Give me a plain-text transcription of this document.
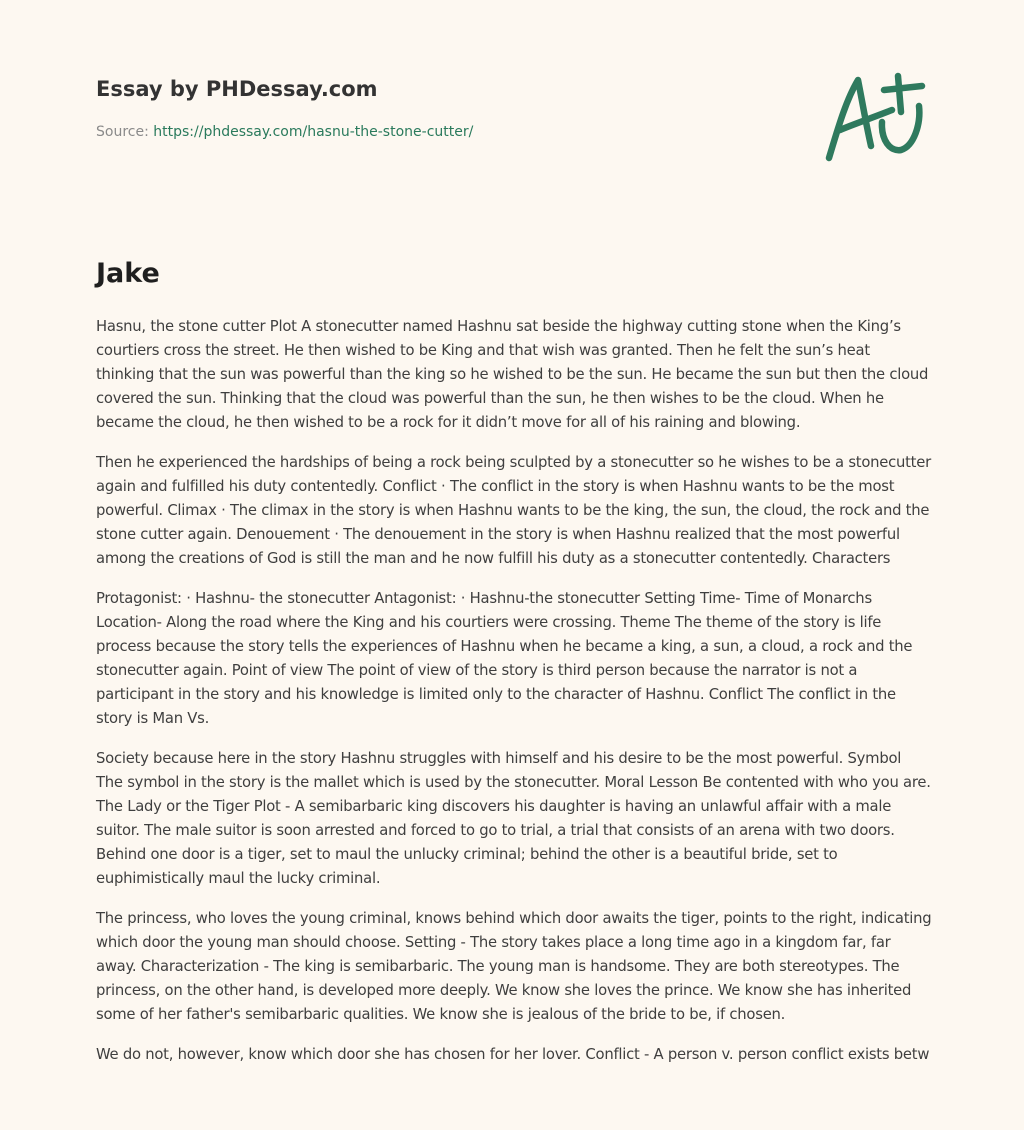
Essay by PHDessay.com
Source: https://phdessay.com/hasnu-the-stone-cutter/
Jake

Hasnu, the stone cutter Plot A stonecutter named Hashnu sat beside the highway cutting stone when the King’s courtiers cross the street. He then wished to be King and that wish was granted. Then he felt the sun’s heat thinking that the sun was powerful than the king so he wished to be the sun. He became the sun but then the cloud covered the sun. Thinking that the cloud was powerful than the sun, he then wishes to be the cloud. When he became the cloud, he then wished to be a rock for it didn’t move for all of his raining and blowing.

Then he experienced the hardships of being a rock being sculpted by a stonecutter so he wishes to be a stonecutter again and fulfilled his duty contentedly. Conflict · The conflict in the story is when Hashnu wants to be the most powerful. Climax · The climax in the story is when Hashnu wants to be the king, the sun, the cloud, the rock and the stone cutter again. Denouement · The denouement in the story is when Hashnu realized that the most powerful among the creations of God is still the man and he now fulfill his duty as a stonecutter contentedly. Characters

Protagonist: · Hashnu- the stonecutter Antagonist: · Hashnu-the stonecutter Setting Time- Time of Monarchs Location- Along the road where the King and his courtiers were crossing. Theme The theme of the story is life process because the story tells the experiences of Hashnu when he became a king, a sun, a cloud, a rock and the stonecutter again. Point of view The point of view of the story is third person because the narrator is not a participant in the story and his knowledge is limited only to the character of Hashnu. Conflict The conflict in the story is Man Vs.

Society because here in the story Hashnu struggles with himself and his desire to be the most powerful. Symbol The symbol in the story is the mallet which is used by the stonecutter. Moral Lesson Be contented with who you are. The Lady or the Tiger Plot - A semibarbaric king discovers his daughter is having an unlawful affair with a male suitor. The male suitor is soon arrested and forced to go to trial, a trial that consists of an arena with two doors. Behind one door is a tiger, set to maul the unlucky criminal; behind the other is a beautiful bride, set to euphimistically maul the lucky criminal.

The princess, who loves the young criminal, knows behind which door awaits the tiger, points to the right, indicating which door the young man should choose. Setting - The story takes place a long time ago in a kingdom far, far away. Characterization - The king is semibarbaric. The young man is handsome. They are both stereotypes. The princess, on the other hand, is developed more deeply. We know she loves the prince. We know she has inherited some of her father's semibarbaric qualities. We know she is jealous of the bride to be, if chosen.

We do not, however, know which door she has chosen for her lover. Conflict - A person v. person conflict exists betw
